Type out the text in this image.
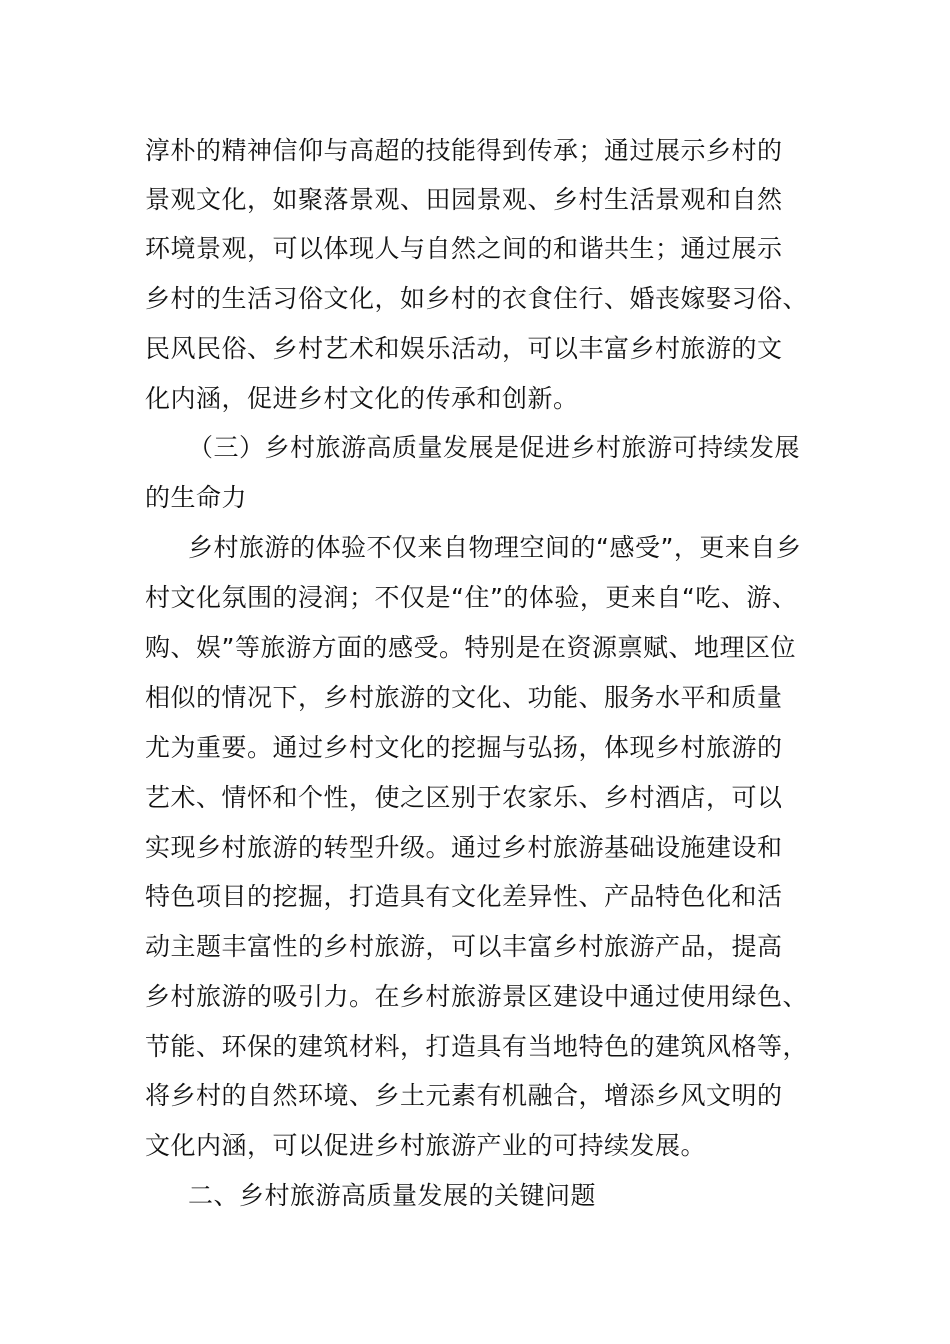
淳朴的精神信仰与高超的技能得到传承；通过展示乡村的
景观文化，如聚落景观、田园景观、乡村生活景观和自然
环境景观，可以体现人与自然之间的和谐共生；通过展示
乡村的生活习俗文化，如乡村的衣食住行、婚丧嫁娶习俗、
民风民俗、乡村艺术和娱乐活动，可以丰富乡村旅游的文
化内涵，促进乡村文化的传承和创新。
（三）乡村旅游高质量发展是促进乡村旅游可持续发展
的生命力
乡村旅游的体验不仅来自物理空间的“感受”，更来自乡
村文化氛围的浸润；不仅是“住”的体验，更来自“吃、游、
购、娱”等旅游方面的感受。特别是在资源禀赋、地理区位
相似的情况下，乡村旅游的文化、功能、服务水平和质量
尤为重要。通过乡村文化的挖掘与弘扬，体现乡村旅游的
艺术、情怀和个性，使之区别于农家乐、乡村酒店，可以
实现乡村旅游的转型升级。通过乡村旅游基础设施建设和
特色项目的挖掘，打造具有文化差异性、产品特色化和活
动主题丰富性的乡村旅游，可以丰富乡村旅游产品，提高
乡村旅游的吸引力。在乡村旅游景区建设中通过使用绿色、
节能、环保的建筑材料，打造具有当地特色的建筑风格等，
将乡村的自然环境、乡土元素有机融合，增添乡风文明的
文化内涵，可以促进乡村旅游产业的可持续发展。
二、乡村旅游高质量发展的关键问题
